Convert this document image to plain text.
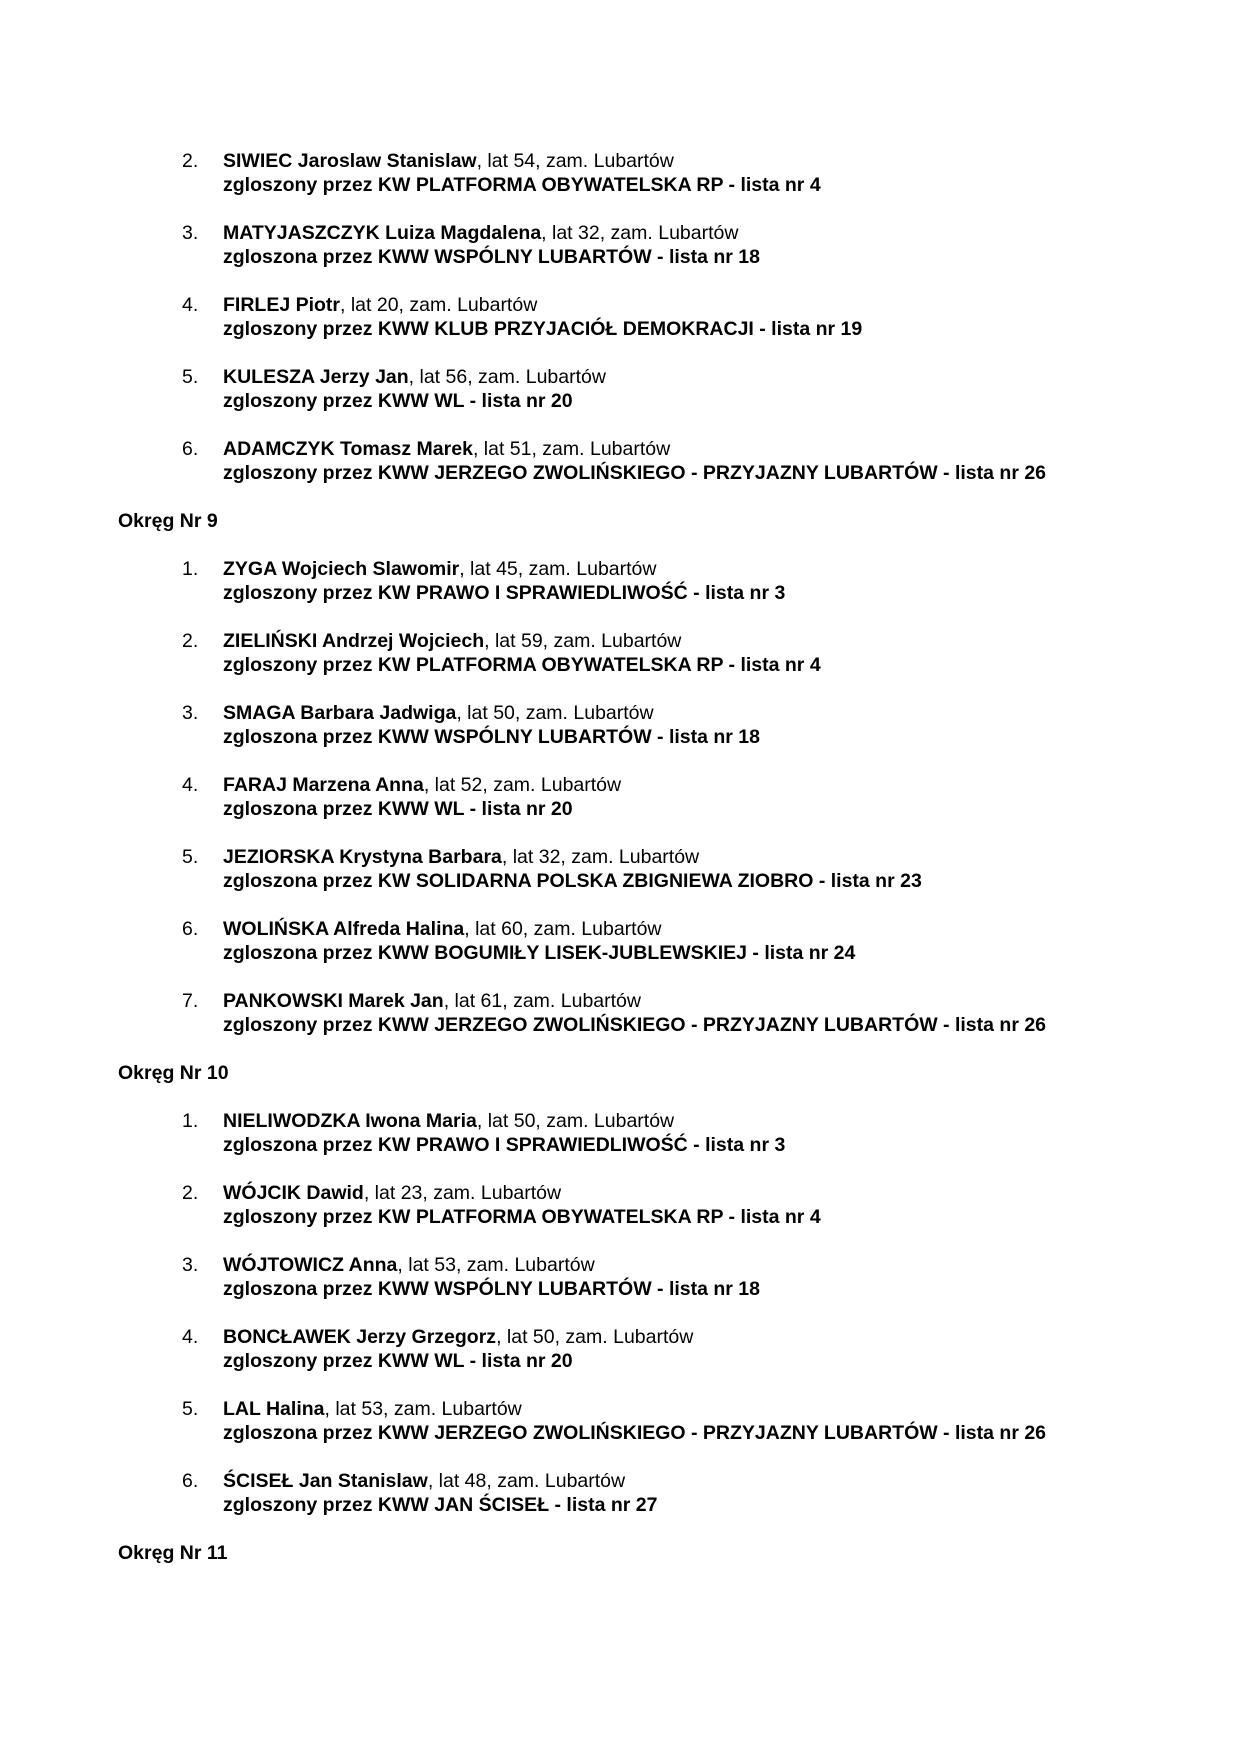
2.	SIWIEC Jaroslaw Stanislaw, lat 54, zam. Lubartów
zgloszony przez KW PLATFORMA OBYWATELSKA RP - lista nr 4
3.	MATYJASZCZYK Luiza Magdalena, lat 32, zam. Lubartów
zgloszona przez KWW WSPÓLNY LUBARTÓW - lista nr 18
4.	FIRLEJ Piotr, lat 20, zam. Lubartów
zgloszony przez KWW KLUB PRZYJACIÓŁ DEMOKRACJI - lista nr 19
5.	KULESZA Jerzy Jan, lat 56, zam. Lubartów
zgloszony przez KWW WL - lista nr 20
6.	ADAMCZYK Tomasz Marek, lat 51, zam. Lubartów
zgloszony przez KWW JERZEGO ZWOLIŃSKIEGO - PRZYJAZNY LUBARTÓW - lista nr 26
Okręg Nr 9
1.	ZYGA Wojciech Slawomir, lat 45, zam. Lubartów
zgloszony przez KW PRAWO I SPRAWIEDLIWOŚĆ - lista nr 3
2.	ZIELIŃSKI Andrzej Wojciech, lat 59, zam. Lubartów
zgloszony przez KW PLATFORMA OBYWATELSKA RP - lista nr 4
3.	SMAGA Barbara Jadwiga, lat 50, zam. Lubartów
zgloszona przez KWW WSPÓLNY LUBARTÓW - lista nr 18
4.	FARAJ Marzena Anna, lat 52, zam. Lubartów
zgloszona przez KWW WL - lista nr 20
5.	JEZIORSKA Krystyna Barbara, lat 32, zam. Lubartów
zgloszona przez KW SOLIDARNA POLSKA ZBIGNIEWA ZIOBRO - lista nr 23
6.	WOLIŃSKA Alfreda Halina, lat 60, zam. Lubartów
zgloszona przez KWW BOGUMIŁY LISEK-JUBLEWSKIEJ - lista nr 24
7.	PANKOWSKI Marek Jan, lat 61, zam. Lubartów
zgloszony przez KWW JERZEGO ZWOLIŃSKIEGO - PRZYJAZNY LUBARTÓW - lista nr 26
Okręg Nr 10
1.	NIELIWODZKA Iwona Maria, lat 50, zam. Lubartów
zgloszona przez KW PRAWO I SPRAWIEDLIWOŚĆ - lista nr 3
2.	WÓJCIK Dawid, lat 23, zam. Lubartów
zgloszony przez KW PLATFORMA OBYWATELSKA RP - lista nr 4
3.	WÓJTOWICZ Anna, lat 53, zam. Lubartów
zgloszona przez KWW WSPÓLNY LUBARTÓW - lista nr 18
4.	BONCŁAWEK Jerzy Grzegorz, lat 50, zam. Lubartów
zgloszony przez KWW WL - lista nr 20
5.	LAL Halina, lat 53, zam. Lubartów
zgloszona przez KWW JERZEGO ZWOLIŃSKIEGO - PRZYJAZNY LUBARTÓW - lista nr 26
6.	ŚCISEŁ Jan Stanislaw, lat 48, zam. Lubartów
zgloszony przez KWW JAN ŚCISEŁ - lista nr 27
Okręg Nr 11
